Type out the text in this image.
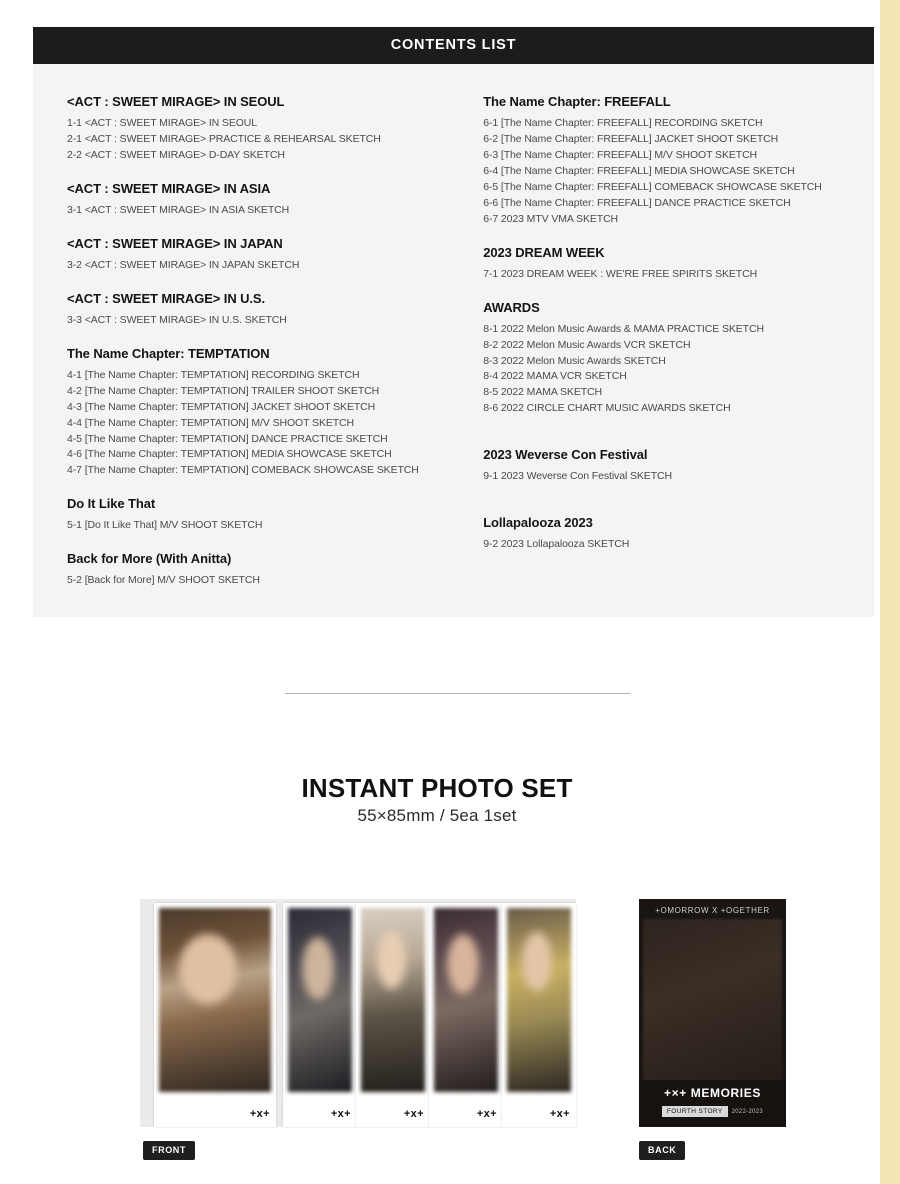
CONTENTS LIST
<ACT : SWEET MIRAGE> IN SEOUL
1-1 <ACT : SWEET MIRAGE> IN SEOUL
2-1 <ACT : SWEET MIRAGE> PRACTICE & REHEARSAL SKETCH
2-2 <ACT : SWEET MIRAGE> D-DAY SKETCH
<ACT : SWEET MIRAGE> IN ASIA
3-1 <ACT : SWEET MIRAGE> IN ASIA SKETCH
<ACT : SWEET MIRAGE> IN JAPAN
3-2 <ACT : SWEET MIRAGE> IN JAPAN SKETCH
<ACT : SWEET MIRAGE> IN U.S.
3-3 <ACT : SWEET MIRAGE> IN U.S. SKETCH
The Name Chapter: TEMPTATION
4-1 [The Name Chapter: TEMPTATION] RECORDING SKETCH
4-2 [The Name Chapter: TEMPTATION] TRAILER SHOOT SKETCH
4-3 [The Name Chapter: TEMPTATION] JACKET SHOOT SKETCH
4-4 [The Name Chapter: TEMPTATION] M/V SHOOT SKETCH
4-5 [The Name Chapter: TEMPTATION] DANCE PRACTICE SKETCH
4-6 [The Name Chapter: TEMPTATION] MEDIA SHOWCASE SKETCH
4-7 [The Name Chapter: TEMPTATION] COMEBACK SHOWCASE SKETCH
Do It Like That
5-1 [Do It Like That] M/V SHOOT SKETCH
Back for More (With Anitta)
5-2 [Back for More] M/V SHOOT SKETCH
The Name Chapter: FREEFALL
6-1 [The Name Chapter: FREEFALL] RECORDING SKETCH
6-2 [The Name Chapter: FREEFALL] JACKET SHOOT SKETCH
6-3 [The Name Chapter: FREEFALL] M/V SHOOT SKETCH
6-4 [The Name Chapter: FREEFALL] MEDIA SHOWCASE SKETCH
6-5 [The Name Chapter: FREEFALL] COMEBACK SHOWCASE SKETCH
6-6 [The Name Chapter: FREEFALL] DANCE PRACTICE SKETCH
6-7 2023 MTV VMA SKETCH
2023 DREAM WEEK
7-1 2023 DREAM WEEK : WE'RE FREE SPIRITS SKETCH
AWARDS
8-1 2022 Melon Music Awards & MAMA PRACTICE SKETCH
8-2 2022 Melon Music Awards VCR SKETCH
8-3 2022 Melon Music Awards SKETCH
8-4 2022 MAMA VCR SKETCH
8-5 2022 MAMA SKETCH
8-6 2022 CIRCLE CHART MUSIC AWARDS SKETCH
2023 Weverse Con Festival
9-1 2023 Weverse Con Festival SKETCH
Lollapalooza 2023
9-2 2023 Lollapalooza SKETCH
INSTANT PHOTO SET
55×85mm / 5ea 1set
+x+	+x+	+x+	+x+	+x+
+OMORROW X +OGETHER
+×+ MEMORIES
FOURTH STORY 2022-2023
FRONT	BACK
